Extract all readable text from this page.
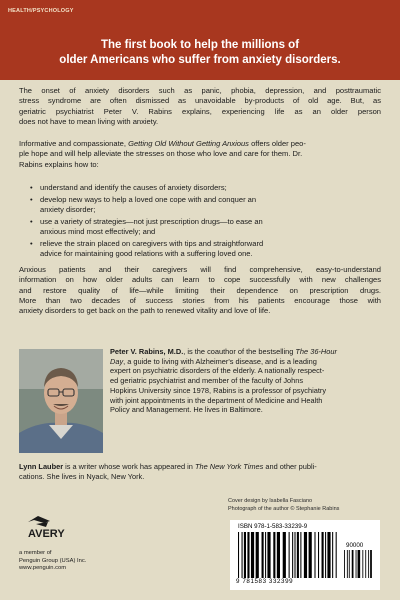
HEALTH/PSYCHOLOGY
The first book to help the millions of
older Americans who suffer from anxiety disorders.
The onset of anxiety disorders such as panic, phobia, depression, and posttraumatic
stress syndrome are often dismissed as unavoidable by-products of old age. But, as
geriatric psychiatrist Peter V. Rabins explains, experiencing life as an older person
does not have to mean living with anxiety.
Informative and compassionate, Getting Old Without Getting Anxious offers older peo-
ple hope and will help alleviate the stresses on those who love and care for them. Dr.
Rabins explains how to:
• understand and identify the causes of anxiety disorders;
• develop new ways to help a loved one cope with and conquer an
anxiety disorder;
• use a variety of strategies—not just prescription drugs—to ease an
anxious mind most effectively; and
• relieve the strain placed on caregivers with tips and straightforward
advice for maintaining good relations with a suffering loved one.
Anxious patients and their caregivers will find comprehensive, easy-to-understand
information on how older adults can learn to cope successfully with new challenges
and restore quality of life—while limiting their dependence on prescription drugs.
More than two decades of success stories from his patients encourage those with
anxiety disorders to get back on the path to renewed vitality and love of life.
Peter V. Rabins, M.D., is the coauthor of the bestselling The 36-Hour
Day, a guide to living with Alzheimer's disease, and is a leading
expert on psychiatric disorders of the elderly. A nationally respect-
ed geriatric psychiatrist and member of the faculty of Johns
Hopkins University since 1978, Rabins is a professor of psychiatry
with joint appointments in the department of Medicine and Health
Policy and Management. He lives in Baltimore.
Lynn Lauber is a writer whose work has appeared in The New York Times and other publi-
cations. She lives in Nyack, New York.
Cover design by Isabella Fasciano
Photograph of the author © Stephanie Rabins
AVERY
a member of
Penguin Group (USA) Inc.
www.penguin.com
ISBN 978-1-583-33239-9
90000
9 781583 332399
